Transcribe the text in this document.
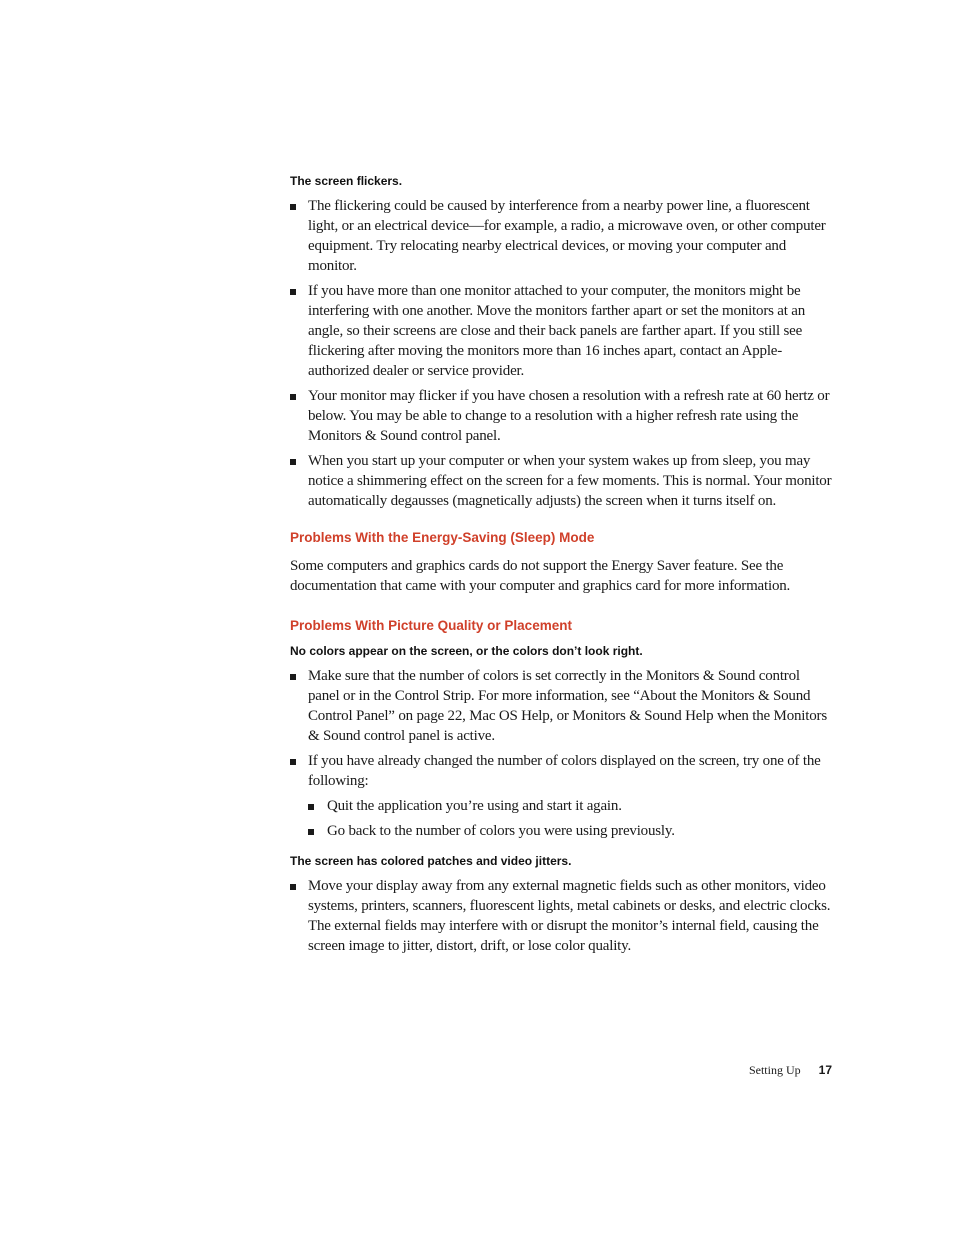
The screen flickers.
The flickering could be caused by interference from a nearby power line, a fluorescent light, or an electrical device—for example, a radio, a microwave oven, or other computer equipment. Try relocating nearby electrical devices, or moving your computer and monitor.
If you have more than one monitor attached to your computer, the monitors might be interfering with one another. Move the monitors farther apart or set the monitors at an angle, so their screens are close and their back panels are farther apart. If you still see flickering after moving the monitors more than 16 inches apart, contact an Apple-authorized dealer or service provider.
Your monitor may flicker if you have chosen a resolution with a refresh rate at 60 hertz or below. You may be able to change to a resolution with a higher refresh rate using the Monitors & Sound control panel.
When you start up your computer or when your system wakes up from sleep, you may notice a shimmering effect on the screen for a few moments. This is normal. Your monitor automatically degausses (magnetically adjusts) the screen when it turns itself on.
Problems With the Energy-Saving (Sleep) Mode

Some computers and graphics cards do not support the Energy Saver feature. See the documentation that came with your computer and graphics card for more information.

Problems With Picture Quality or Placement
No colors appear on the screen, or the colors don’t look right.
Make sure that the number of colors is set correctly in the Monitors & Sound control panel or in the Control Strip. For more information, see “About the Monitors & Sound Control Panel” on page 22, Mac OS Help, or Monitors & Sound Help when the Monitors & Sound control panel is active.
If you have already changed the number of colors displayed on the screen, try one of the following:
Quit the application you’re using and start it again.
Go back to the number of colors you were using previously.
The screen has colored patches and video jitters.
Move your display away from any external magnetic fields such as other monitors, video systems, printers, scanners, fluorescent lights, metal cabinets or desks, and electric clocks. The external fields may interfere with or disrupt the monitor’s internal field, causing the screen image to jitter, distort, drift, or lose color quality.
Setting Up 17
